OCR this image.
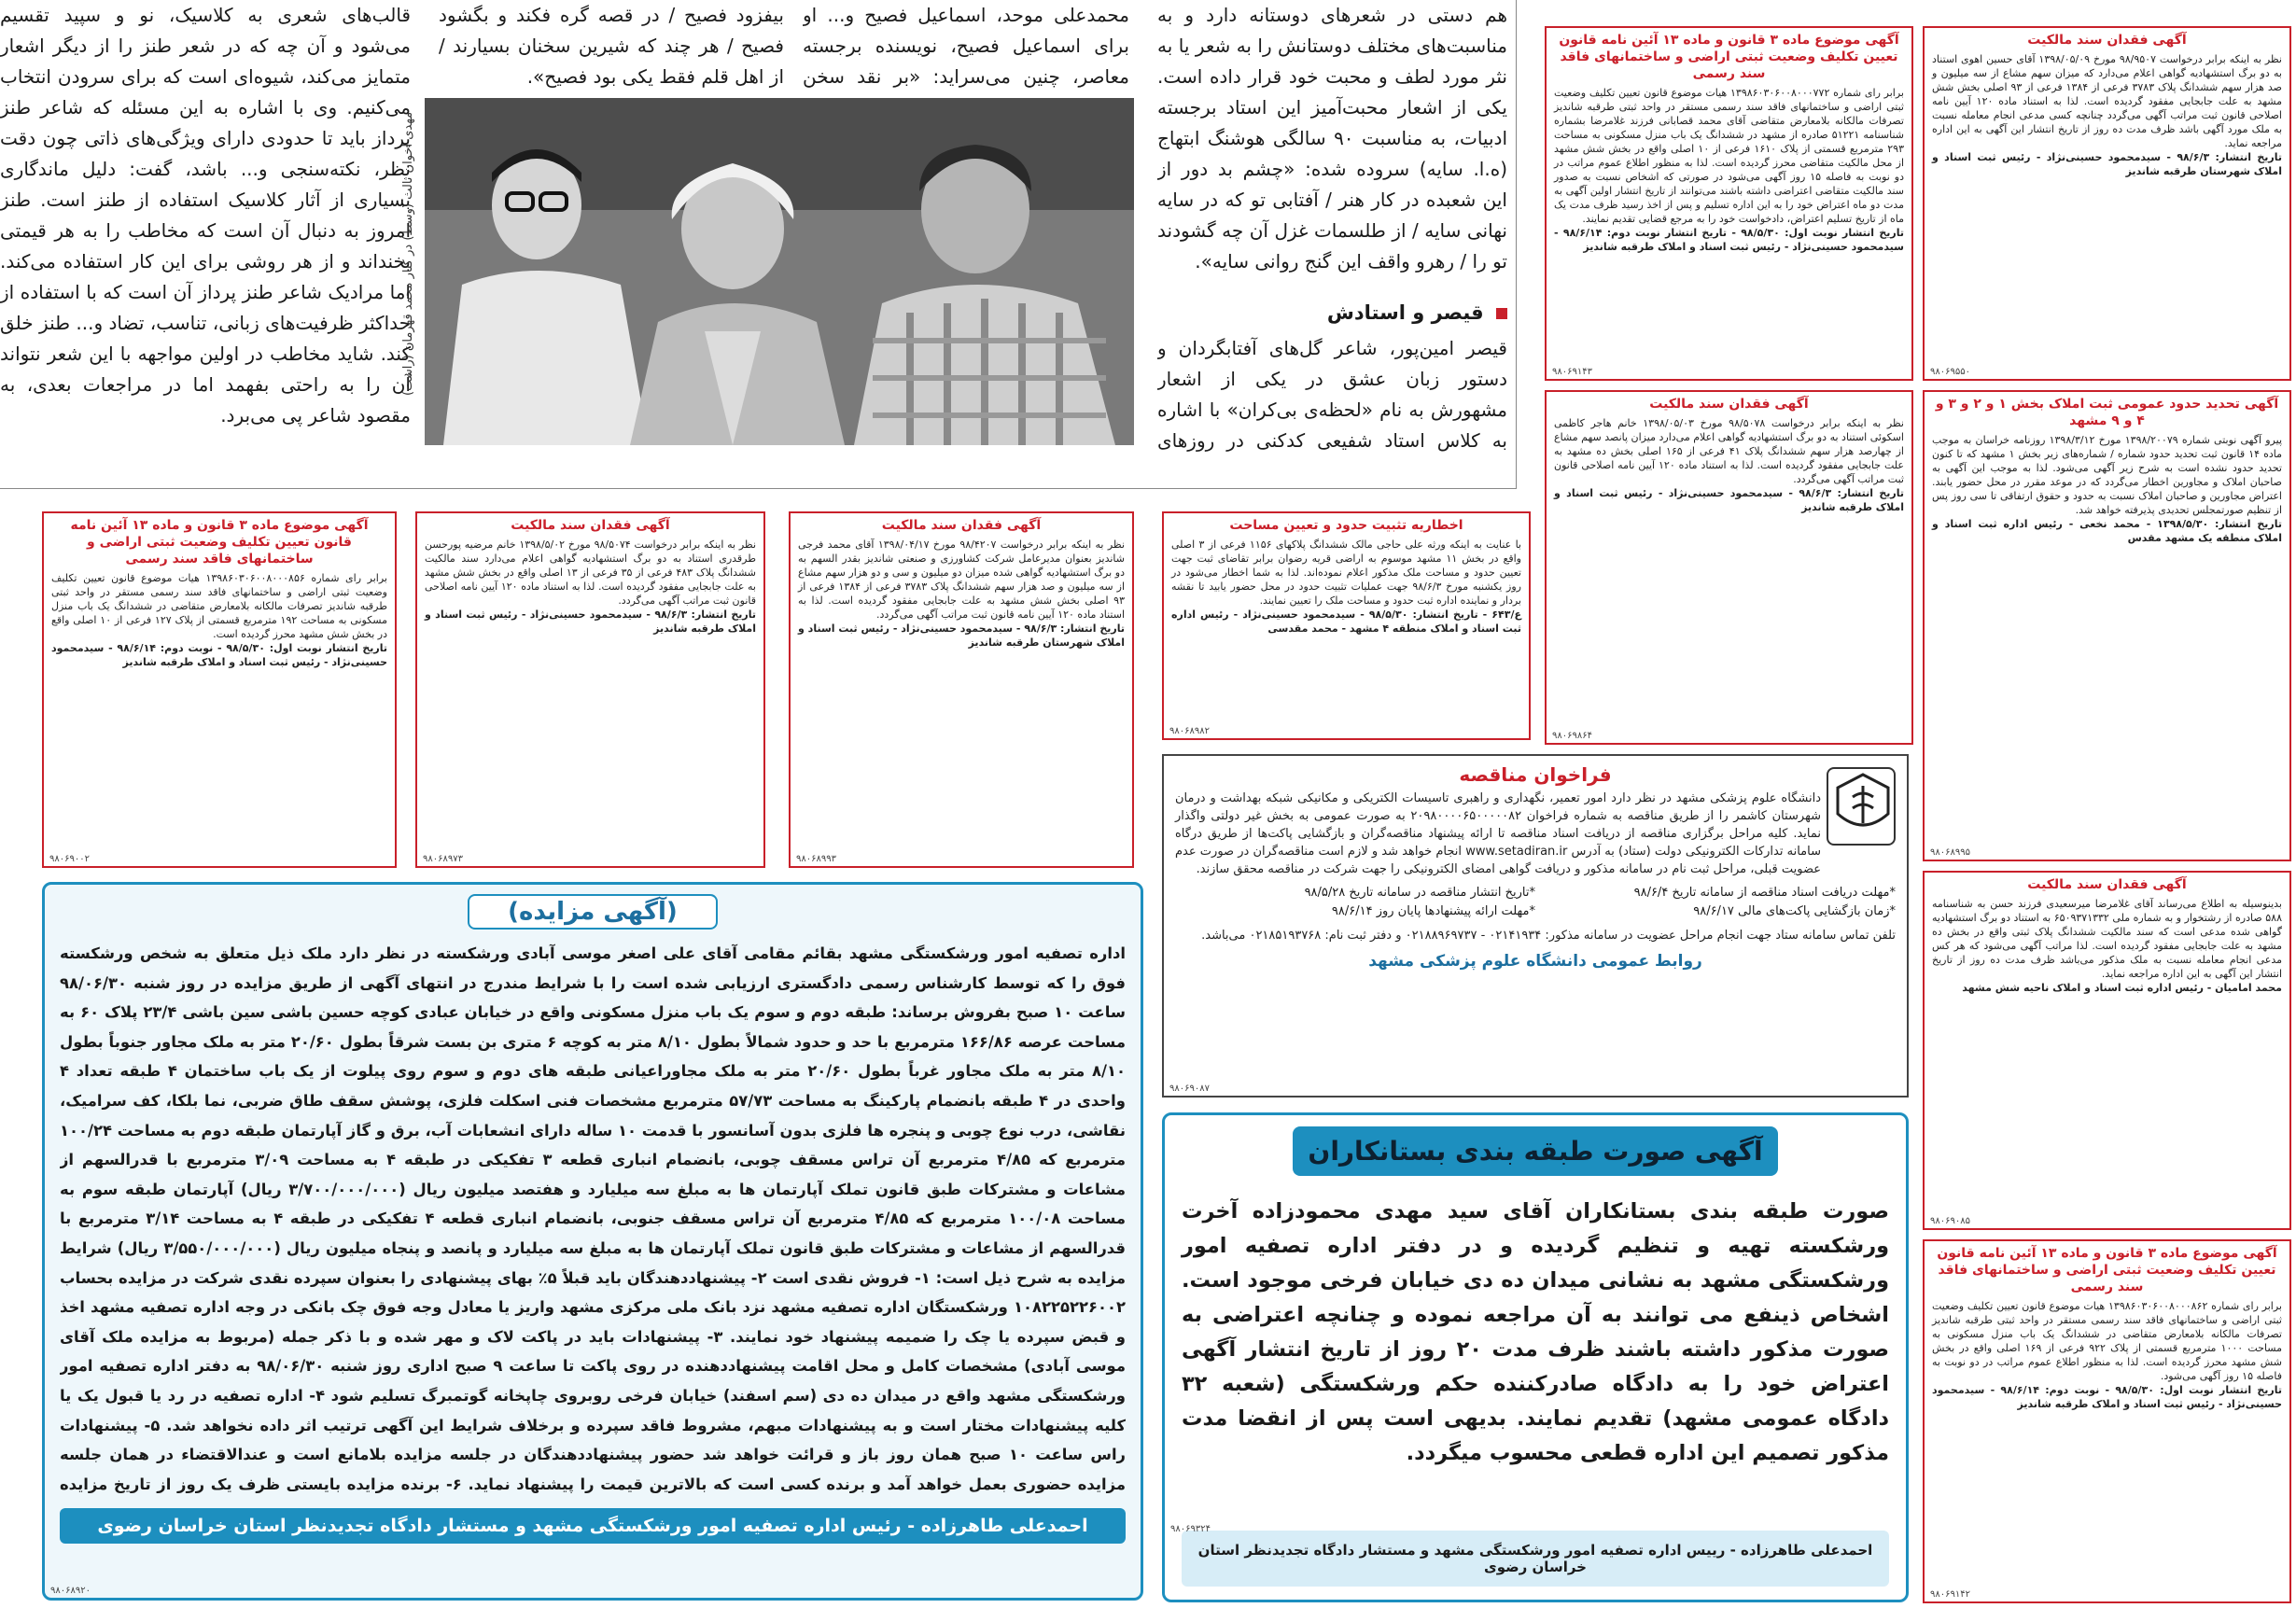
قالب‌های شعری به کلاسیک، نو و سپید تقسیم می‌شود و آن چه که در شعر طنز را از دیگر اشعار متمایز می‌کند، شیوه‌ای است که برای سرودن انتخاب می‌کنیم. وی با اشاره به این مسئله که شاعر طنز پرداز باید تا حدودی دارای ویژگی‌های ذاتی چون دقت نظر، نکته‌سنجی و... باشد، گفت: دلیل ماندگاری بسیاری از آثار کلاسیک استفاده از طنز است. طنز امروز به دنبال آن است که مخاطب را به هر قیمتی بخنداند و از هر روشی برای این کار استفاده می‌کند. اما مرادیک شاعر طنز پرداز آن است که با استفاده از حداکثر ظرفیت‌های زبانی، تناسب، تضاد و... طنز خلق کند. شاید مخاطب در اولین مواجهه با این شعر نتواند آن را به راحتی بفهمد اما در مراجعات بعدی، به مقصود شاعر پی می‌برد.
مهدی اخوان ثالث (وسط) در کنار محمد قهرمان (راست)
بیفزود فصیح / در قصه گره فکند و بگشود فصیح / هر چند که شیرین سخنان بسیارند / از اهل قلم فقط یکی بود فصیح».
محمدعلی موحد، اسماعیل فصیح و... او برای اسماعیل فصیح، نویسنده برجسته معاصر، چنین می‌سراید: «بر نقد سخن
هم دستی در شعرهای دوستانه دارد و به مناسبت‌های مختلف دوستانش را به شعر یا به نثر مورد لطف و محبت خود قرار داده است. یکی از اشعار محبت‌آمیز این استاد برجسته ادبیات، به مناسبت ۹۰ سالگی هوشنگ ابتهاج (ه.ا. سایه) سروده شده: «چشم بد دور از این شعبده در کار هنر / آفتابی تو که در سایه نهانی سایه / از طلسمات غزل آن چه گشودند تو را / رهرو واقف این گنج روانی سایه».
قیصر و استادش
قیصر امین‌پور، شاعر گل‌های آفتابگردان و دستور زبان عشق در یکی از اشعار مشهورش به نام «لحظه‌ی بی‌کران» با اشاره به کلاس استاد شفیعی کدکنی در روزهای
آگهی موضوع ماده ۳ قانون و ماده ۱۳ آئین نامه قانون تعیین تکلیف وضعیت ثبتی اراضی و ساختمانهای فاقد سند رسمی
برابر رای شماره ۱۳۹۸۶۰۳۰۶۰۰۸۰۰۰۷۷۲ هیات موضوع قانون تعیین تکلیف وضعیت ثبتی اراضی و ساختمانهای فاقد سند رسمی مستقر در واحد ثبتی طرقبه شاندیز تصرفات مالکانه بلامعارض متقاضی آقای محمد قصابانی فرزند غلامرضا بشماره شناسنامه ۵۱۲۲۱ صادره از مشهد در ششدانگ یک باب منزل مسکونی به مساحت ۲۹۳ مترمربع قسمتی از پلاک ۱۶۱۰ فرعی از ۱۰ اصلی واقع در بخش شش مشهد از محل مالکیت متقاضی محرز گردیده است. لذا به منظور اطلاع عموم مراتب در دو نوبت به فاصله ۱۵ روز آگهی می‌شود در صورتی که اشخاص نسبت به صدور سند مالکیت متقاضی اعتراضی داشته باشند می‌توانند از تاریخ انتشار اولین آگهی به مدت دو ماه اعتراض خود را به این اداره تسلیم و پس از اخذ رسید ظرف مدت یک ماه از تاریخ تسلیم اعتراض، دادخواست خود را به مرجع قضایی تقدیم نمایند.
تاریخ انتشار نوبت اول: ۹۸/۵/۳۰ - تاریخ انتشار نوبت دوم: ۹۸/۶/۱۴ - سیدمحمود حسینی‌نژاد - رئیس ثبت اسناد و املاک طرقبه شاندیز
۹۸۰۶۹۱۴۳
آگهی فقدان سند مالکیت
نظر به اینکه برابر درخواست ۹۸/۹۵۰۷ مورخ ۱۳۹۸/۰۵/۰۹ آقای حسین اهوی استناد به دو برگ استشهادیه گواهی اعلام می‌دارد که میزان سهم مشاع از سه میلیون و صد هزار سهم ششدانگ پلاک ۳۷۸۳ فرعی از ۱۳۸۴ فرعی از ۹۳ اصلی بخش شش مشهد به علت جابجایی مفقود گردیده است. لذا به استناد ماده ۱۲۰ آیین نامه اصلاحی قانون ثبت مراتب آگهی می‌گردد چنانچه کسی مدعی انجام معامله نسبت به ملک مورد آگهی باشد ظرف مدت ده روز از تاریخ انتشار این آگهی به این اداره مراجعه نماید.
تاریخ انتشار: ۹۸/۶/۳ - سیدمحمود حسینی‌نژاد - رئیس ثبت اسناد و املاک شهرستان طرقبه شاندیز
۹۸۰۶۹۵۵۰
آگهی فقدان سند مالکیت
نظر به اینکه برابر درخواست ۹۸/۵۰۷۸ مورخ ۱۳۹۸/۰۵/۰۳ خانم هاجر کاظمی اسکوئی استناد به دو برگ استشهادیه گواهی اعلام می‌دارد میزان پانصد سهم مشاع از چهارصد هزار سهم ششدانگ پلاک ۴۱ فرعی از ۱۶۵ اصلی بخش ده مشهد به علت جابجایی مفقود گردیده است. لذا به استناد ماده ۱۲۰ آیین نامه اصلاحی قانون ثبت مراتب آگهی می‌گردد.
تاریخ انتشار: ۹۸/۶/۳ - سیدمحمود حسینی‌نژاد - رئیس ثبت اسناد و املاک طرقبه شاندیز
۹۸۰۶۹۸۶۴
آگهی تحدید حدود عمومی ثبت املاک بخش ۱ و ۲ و ۳ و ۴ و ۹ مشهد
پیرو آگهی نوبتی شماره ۱۳۹۸/۲۰۰۷۹ مورخ ۱۳۹۸/۳/۱۲ روزنامه خراسان به موجب ماده ۱۴ قانون ثبت تحدید حدود شماره / شماره‌های زیر بخش ۱ مشهد که تا کنون تحدید حدود نشده است به شرح زیر آگهی می‌شود. لذا به موجب این آگهی به صاحبان املاک و مجاورین اخطار می‌گردد که در موعد مقرر در محل حضور یابند. اعتراض مجاورین و صاحبان املاک نسبت به حدود و حقوق ارتفاقی تا سی روز پس از تنظیم صورتمجلس تحدیدی پذیرفته خواهد شد.
تاریخ انتشار: ۱۳۹۸/۵/۳۰ - محمد نخعی - رئیس اداره ثبت اسناد و املاک منطقه یک مشهد مقدس
۹۸۰۶۸۹۹۵
آگهی فقدان سند مالکیت
بدینوسیله به اطلاع می‌رساند آقای غلامرضا میرسعیدی فرزند حسن به شناسنامه ۵۸۸ صادره از رشتخوار و به شماره ملی ۶۵۰۹۳۷۱۳۳۲ به استناد دو برگ استشهادیه گواهی شده مدعی است که سند مالکیت ششدانگ پلاک ثبتی واقع در بخش ده مشهد به علت جابجایی مفقود گردیده است. لذا مراتب آگهی می‌شود که هر کس مدعی انجام معامله نسبت به ملک مذکور می‌باشد ظرف مدت ده روز از تاریخ انتشار این آگهی به این اداره مراجعه نماید.
محمد امامیان - رئیس اداره ثبت اسناد و املاک ناحیه شش مشهد
۹۸۰۶۹۰۸۵
آگهی موضوع ماده ۳ قانون و ماده ۱۳ آئین نامه قانون تعیین تکلیف وضعیت ثبتی اراضی و ساختمانهای فاقد سند رسمی
برابر رای شماره ۱۳۹۸۶۰۳۰۶۰۰۸۰۰۰۸۶۲ هیات موضوع قانون تعیین تکلیف وضعیت ثبتی اراضی و ساختمانهای فاقد سند رسمی مستقر در واحد ثبتی طرقبه شاندیز تصرفات مالکانه بلامعارض متقاضی در ششدانگ یک باب منزل مسکونی به مساحت ۱۰۰۰ مترمربع قسمتی از پلاک ۹۲۲ فرعی از ۱۶۹ اصلی واقع در بخش شش مشهد محرز گردیده است. لذا به منظور اطلاع عموم مراتب در دو نوبت به فاصله ۱۵ روز آگهی می‌شود.
تاریخ انتشار نوبت اول: ۹۸/۵/۳۰ - نوبت دوم: ۹۸/۶/۱۴ - سیدمحمود حسینی‌نژاد - رئیس ثبت اسناد و املاک طرقبه شاندیز
۹۸۰۶۹۱۴۲
اخطاریه تثبیت حدود و تعیین مساحت
با عنایت به اینکه ورثه علی حاجی مالک ششدانگ پلاکهای ۱۱۵۶ فرعی از ۳ اصلی واقع در بخش ۱۱ مشهد موسوم به اراضی قریه رضوان برابر تقاضای ثبت جهت تعیین حدود و مساحت ملک مذکور اعلام نموده‌اند. لذا به شما اخطار می‌شود در روز یکشنبه مورخ ۹۸/۶/۳ جهت عملیات تثبیت حدود در محل حضور یابید تا نقشه بردار و نماینده اداره ثبت حدود و مساحت ملک را تعیین نمایند.
ع/۶۴۳ - تاریخ انتشار: ۹۸/۵/۳۰ - سیدمحمود حسینی‌نژاد - رئیس اداره ثبت اسناد و املاک منطقه ۴ مشهد - محمد مقدسی
۹۸۰۶۸۹۸۲
آگهی فقدان سند مالکیت
نظر به اینکه برابر درخواست ۹۸/۴۲۰۷ مورخ ۱۳۹۸/۰۴/۱۷ آقای محمد فرجی شاندیز بعنوان مدیرعامل شرکت کشاورزی و صنعتی شاندیز بقدر السهم به دو برگ استشهادیه گواهی شده میزان دو میلیون و سی و دو هزار سهم مشاع از سه میلیون و صد هزار سهم ششدانگ پلاک ۳۷۸۳ فرعی از ۱۳۸۴ فرعی از ۹۳ اصلی بخش شش مشهد به علت جابجایی مفقود گردیده است. لذا به استناد ماده ۱۲۰ آیین نامه قانون ثبت مراتب آگهی می‌گردد.
تاریخ انتشار: ۹۸/۶/۳ - سیدمحمود حسینی‌نژاد - رئیس ثبت اسناد و املاک شهرستان طرقبه شاندیز
۹۸۰۶۸۹۹۳
آگهی فقدان سند مالکیت
نظر به اینکه برابر درخواست ۹۸/۵۰۷۴ مورخ ۱۳۹۸/۵/۰۲ خانم مرضیه پورحسن طرقدری استناد به دو برگ استشهادیه گواهی اعلام می‌دارد سند مالکیت ششدانگ پلاک ۴۸۳ فرعی از ۳۵ فرعی از ۱۳ اصلی واقع در بخش شش مشهد به علت جابجایی مفقود گردیده است. لذا به استناد ماده ۱۲۰ آیین نامه اصلاحی قانون ثبت مراتب آگهی می‌گردد.
تاریخ انتشار: ۹۸/۶/۳ - سیدمحمود حسینی‌نژاد - رئیس ثبت اسناد و املاک طرقبه شاندیز
۹۸۰۶۸۹۷۳
آگهی موضوع ماده ۳ قانون و ماده ۱۳ آئین نامه قانون تعیین تکلیف وضعیت ثبتی اراضی و ساختمانهای فاقد سند رسمی
برابر رای شماره ۱۳۹۸۶۰۳۰۶۰۰۸۰۰۰۸۵۶ هیات موضوع قانون تعیین تکلیف وضعیت ثبتی اراضی و ساختمانهای فاقد سند رسمی مستقر در واحد ثبتی طرقبه شاندیز تصرفات مالکانه بلامعارض متقاضی در ششدانگ یک باب منزل مسکونی به مساحت ۱۹۲ مترمربع قسمتی از پلاک ۱۲۷ فرعی از ۱۰ اصلی واقع در بخش شش مشهد محرز گردیده است.
تاریخ انتشار نوبت اول: ۹۸/۵/۳۰ - نوبت دوم: ۹۸/۶/۱۴ - سیدمحمود حسینی‌نژاد - رئیس ثبت اسناد و املاک طرقبه شاندیز
۹۸۰۶۹۰۰۲
فراخوان مناقصه
دانشگاه علوم پزشکی مشهد در نظر دارد امور تعمیر، نگهداری و راهبری تاسیسات الکتریکی و مکانیکی شبکه بهداشت و درمان شهرستان کاشمر را از طریق مناقصه به شماره فراخوان ۲۰۹۸۰۰۰۰۶۵۰۰۰۰۰۸۲ به صورت عمومی به بخش غیر دولتی واگذار نماید. کلیه مراحل برگزاری مناقصه از دریافت اسناد مناقصه تا ارائه پیشنهاد مناقصه‌گران و بازگشایی پاکت‌ها از طریق درگاه سامانه تدارکات الکترونیکی دولت (ستاد) به آدرس www.setadiran.ir انجام خواهد شد و لازم است مناقصه‌گران در صورت عدم عضویت قبلی، مراحل ثبت نام در سامانه مذکور و دریافت گواهی امضای الکترونیکی را جهت شرکت در مناقصه محقق سازند.
*مهلت دریافت اسناد مناقصه از سامانه تاریخ ۹۸/۶/۴
*تاریخ انتشار مناقصه در سامانه تاریخ ۹۸/۵/۲۸
*زمان بازگشایی پاکت‌های مالی ۹۸/۶/۱۷
*مهلت ارائه پیشنهادها پایان روز ۹۸/۶/۱۴
تلفن تماس سامانه ستاد جهت انجام مراحل عضویت در سامانه مذکور: ۰۲۱۴۱۹۳۴ - ۰۲۱۸۸۹۶۹۷۳۷ و دفتر ثبت نام: ۰۲۱۸۵۱۹۳۷۶۸ می‌باشد.
روابط عمومی دانشگاه علوم پزشکی مشهد
۹۸۰۶۹۰۸۷
(آگهی مزایده)
اداره تصفیه امور ورشکستگی مشهد بقائم مقامی آقای علی اصغر موسی آبادی ورشکسته در نظر دارد ملک ذیل متعلق به شخص ورشکسته فوق را که توسط کارشناس رسمی دادگستری ارزیابی شده است را با شرایط مندرج در انتهای آگهی از طریق مزایده در روز شنبه ۹۸/۰۶/۳۰ ساعت ۱۰ صبح بفروش برساند: طبقه دوم و سوم یک باب منزل مسکونی واقع در خیابان عبادی کوچه حسین باشی سین باشی ۲۳/۴ پلاک ۶۰ به مساحت عرصه ۱۶۶/۸۶ مترمربع با حد و حدود شمالاً بطول ۸/۱۰ متر به کوچه ۶ متری بن بست شرقاً بطول ۲۰/۶۰ متر به ملک مجاور جنوباً بطول ۸/۱۰ متر به ملک مجاور غرباً بطول ۲۰/۶۰ متر به ملک مجاوراعیانی طبقه های دوم و سوم روی پیلوت از یک باب ساختمان ۴ طبقه تعداد ۴ واحدی در ۴ طبقه بانضمام پارکینگ به مساحت ۵۷/۷۳ مترمربع مشخصات فنی اسکلت فلزی، پوشش سقف طاق ضربی، نما بلکا، کف سرامیک، نقاشی، درب نوع چوبی و پنجره ها فلزی بدون آسانسور با قدمت ۱۰ ساله دارای انشعابات آب، برق و گاز آپارتمان طبقه دوم به مساحت ۱۰۰/۲۴ مترمربع که ۴/۸۵ مترمربع آن تراس مسقف چوبی، بانضمام انباری قطعه ۳ تفکیکی در طبقه ۴ به مساحت ۳/۰۹ مترمربع با قدرالسهم از مشاعات و مشترکات طبق قانون تملک آپارتمان ها به مبلغ سه میلیارد و هفتصد میلیون ریال (۳/۷۰۰/۰۰۰/۰۰۰ ریال) آپارتمان طبقه سوم به مساحت ۱۰۰/۰۸ مترمربع که ۴/۸۵ مترمربع آن تراس مسقف جنوبی، بانضمام انباری قطعه ۴ تفکیکی در طبقه ۴ به مساحت ۳/۱۴ مترمربع با قدرالسهم از مشاعات و مشترکات طبق قانون تملک آپارتمان ها به مبلغ سه میلیارد و پانصد و پنجاه میلیون ریال (۳/۵۵۰/۰۰۰/۰۰۰ ریال) شرایط مزایده به شرح ذیل است: ۱- فروش نقدی است ۲- پیشنهاددهندگان باید قبلاً ۵٪ بهای پیشنهادی را بعنوان سپرده نقدی شرکت در مزایده بحساب ۱۰۸۲۲۵۲۲۶۰۰۲ ورشکستگان اداره تصفیه مشهد نزد بانک ملی مرکزی مشهد واریز یا معادل وجه فوق چک بانکی در وجه اداره تصفیه مشهد اخذ و قبض سپرده یا چک را ضمیمه پیشنهاد خود نمایند. ۳- پیشنهادات باید در پاکت لاک و مهر شده و با ذکر جمله (مربوط به مزایده ملک آقای موسی آبادی) مشخصات کامل و محل اقامت پیشنهاددهنده در روی پاکت تا ساعت ۹ صبح اداری روز شنبه ۹۸/۰۶/۳۰ به دفتر اداره تصفیه امور ورشکستگی مشهد واقع در میدان ده دی (سم اسفند) خیابان فرخی روبروی چاپخانه گوتمبرگ تسلیم شود ۴- اداره تصفیه در رد یا قبول یک یا کلیه پیشنهادات مختار است و به پیشنهادات مبهم، مشروط فاقد سپرده و برخلاف شرایط این آگهی ترتیب اثر داده نخواهد شد. ۵- پیشنهادات راس ساعت ۱۰ صبح همان روز باز و قرائت خواهد شد حضور پیشنهاددهندگان در جلسه مزایده بلامانع است و عندالاقتضاء در همان جلسه مزایده حضوری بعمل خواهد آمد و برنده کسی است که بالاترین قیمت را پیشنهاد نماید. ۶- برنده مزایده بایستی ظرف یک روز از تاریخ مزایده
احمدعلی طاهرزاده - رئیس اداره تصفیه امور ورشکستگی مشهد و مستشار دادگاه تجدیدنظر استان خراسان رضوی
۹۸۰۶۸۹۲۰
آگهی صورت طبقه بندی بستانکاران
صورت طبقه بندی بستانکاران آقای سید مهدی محمودزاده آخرت ورشکسته تهیه و تنظیم گردیده و در دفتر اداره تصفیه امور ورشکستگی مشهد به نشانی میدان ده دی خیابان فرخی موجود است. اشخاص ذینفع می توانند به آن مراجعه نموده و چنانچه اعتراضی به صورت مذکور داشته باشند ظرف مدت ۲۰ روز از تاریخ انتشار آگهی اعتراض خود را به دادگاه صادرکننده حکم ورشکستگی (شعبه ۳۲ دادگاه عمومی مشهد) تقدیم نمایند. بدیهی است پس از انقضا مدت مذکور تصمیم این اداره قطعی محسوب میگردد.
احمدعلی طاهرزاده - رییس اداره تصفیه امور ورشکستگی مشهد و مستشار دادگاه تجدیدنظر استان خراسان رضوی
۹۸۰۶۹۳۲۴
